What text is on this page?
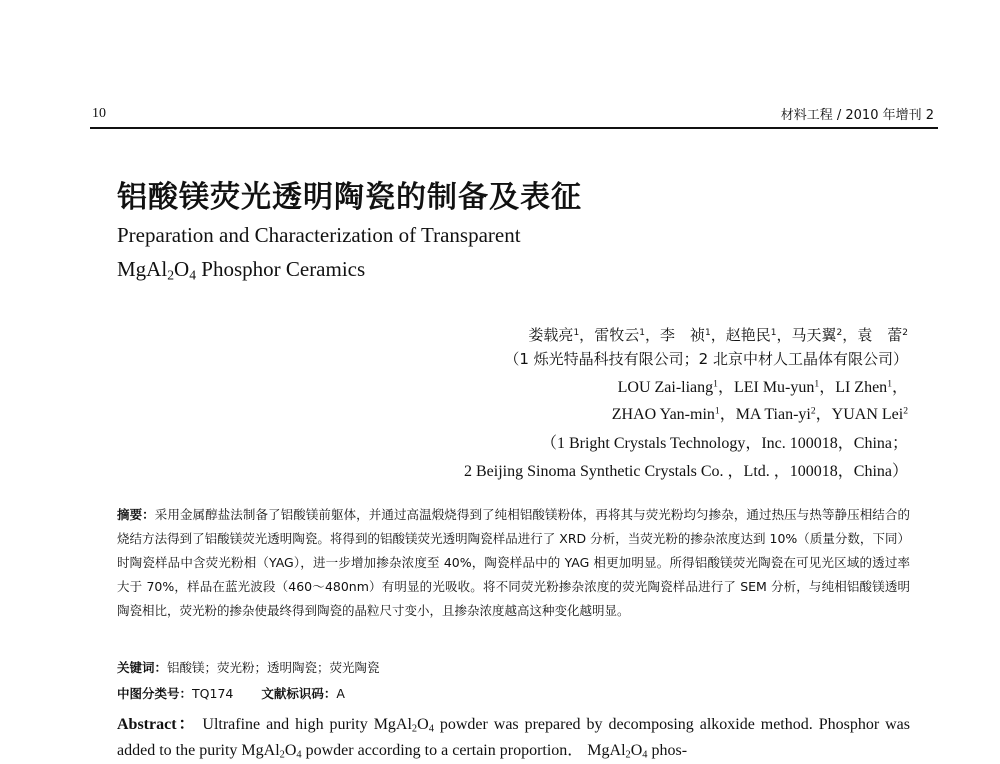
10	材料工程 / 2010 年增刊 2
铝酸镁荧光透明陶瓷的制备及表征
Preparation and Characterization of Transparent
$MgAl_2O_4$ Phosphor Ceramics
娄载亮$^1$，雷牧云$^1$，李　祯$^1$，赵艳民$^1$，马天翼$^2$，袁　蕾$^2$
（1 烁光特晶科技有限公司；2 北京中材人工晶体有限公司）
LOU Zai-liang$^1$，LEI Mu-yun$^1$，LI Zhen$^1$，
ZHAO Yan-$\min^1$，MA Tian-$yi^2$，YUAN Lei$^2$
（1 Bright Crystals Technology，Inc. 100018，China；
2 Beijing Sinoma Synthetic Crystals Co. ，Ltd. ，100018，China）
摘要：采用金属醇盐法制备了铝酸镁前躯体，并通过高温煅烧得到了纯相铝酸镁粉体，再将其与荧光粉均匀掺杂，通过热压与热等静压相结合的烧结方法得到了铝酸镁荧光透明陶瓷。将得到的铝酸镁荧光透明陶瓷样品进行了 XRD 分析，当荧光粉的掺杂浓度达到 10%（质量分数，下同）时陶瓷样品中含荧光粉相（YAG），进一步增加掺杂浓度至 40%，陶瓷样品中的 YAG 相更加明显。所得铝酸镁荧光陶瓷在可见光区域的透过率大于 70%，样品在蓝光波段（460～480nm）有明显的光吸收。将不同荧光粉掺杂浓度的荧光陶瓷样品进行了 SEM 分析，与纯相铝酸镁透明陶瓷相比，荧光粉的掺杂使最终得到陶瓷的晶粒尺寸变小，且掺杂浓度越高这种变化越明显。
关键词：铝酸镁；荧光粉；透明陶瓷；荧光陶瓷
中图分类号：TQ174 文献标识码：A
Abstract： Ultrafine and high purity $MgAl_2O_4$ powder was prepared by decomposing alkoxide method. Phosphor was added to the purity $MgAl_2O_4$ powder according to a certain proportion． $MgAl_2O_4$ phos-
